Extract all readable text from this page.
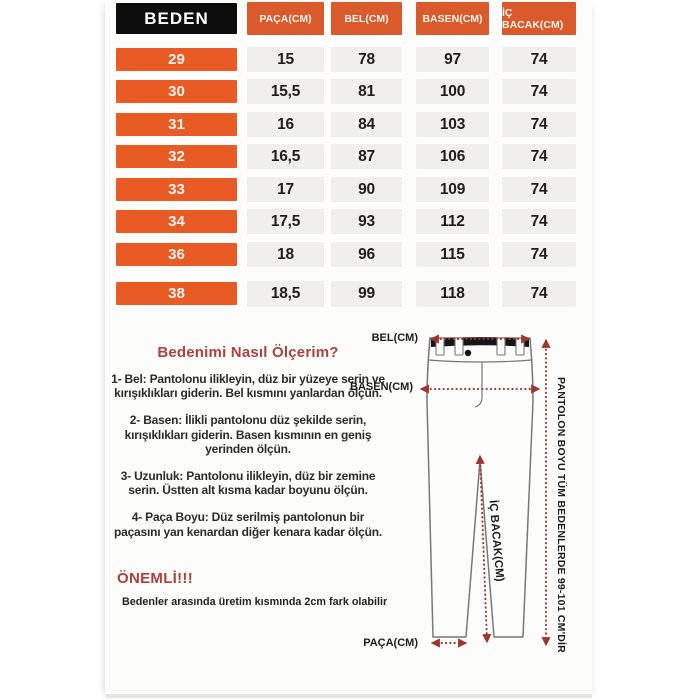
BEDEN	PAÇA(CM)	BEL(CM)	BASEN(CM)	İÇ BACAK(CM)
29	15	78	97	74
30	15,5	81	100	74
31	16	84	103	74
32	16,5	87	106	74
33	17	90	109	74
34	17,5	93	112	74
36	18	96	115	74
38	18,5	99	118	74
Bedenimi Nasıl Ölçerim?

1- Bel: Pantolonu ilikleyin, düz bir yüzeye serin ve kırışıklıkları giderin. Bel kısmını yanlardan ölçün.

2- Basen: İlikli pantolonu düz şekilde serin, kırışıklıkları giderin. Basen kısmının en geniş yerinden ölçün.

3- Uzunluk: Pantolonu ilikleyin, düz bir zemine serin. Üstten alt kısma kadar boyunu ölçün.

4- Paça Boyu: Düz serilmiş pantolonun bir paçasını yan kenardan diğer kenara kadar ölçün.

ÖNEMLİ!!!
Bedenler arasında üretim kısmında 2cm fark olabilir
BEL(CM)
BASEN(CM)
PAÇA(CM)
İÇ BACAK(CM)	PANTOLON BOYU TÜM BEDENLERDE 99-101 CM'DİR
